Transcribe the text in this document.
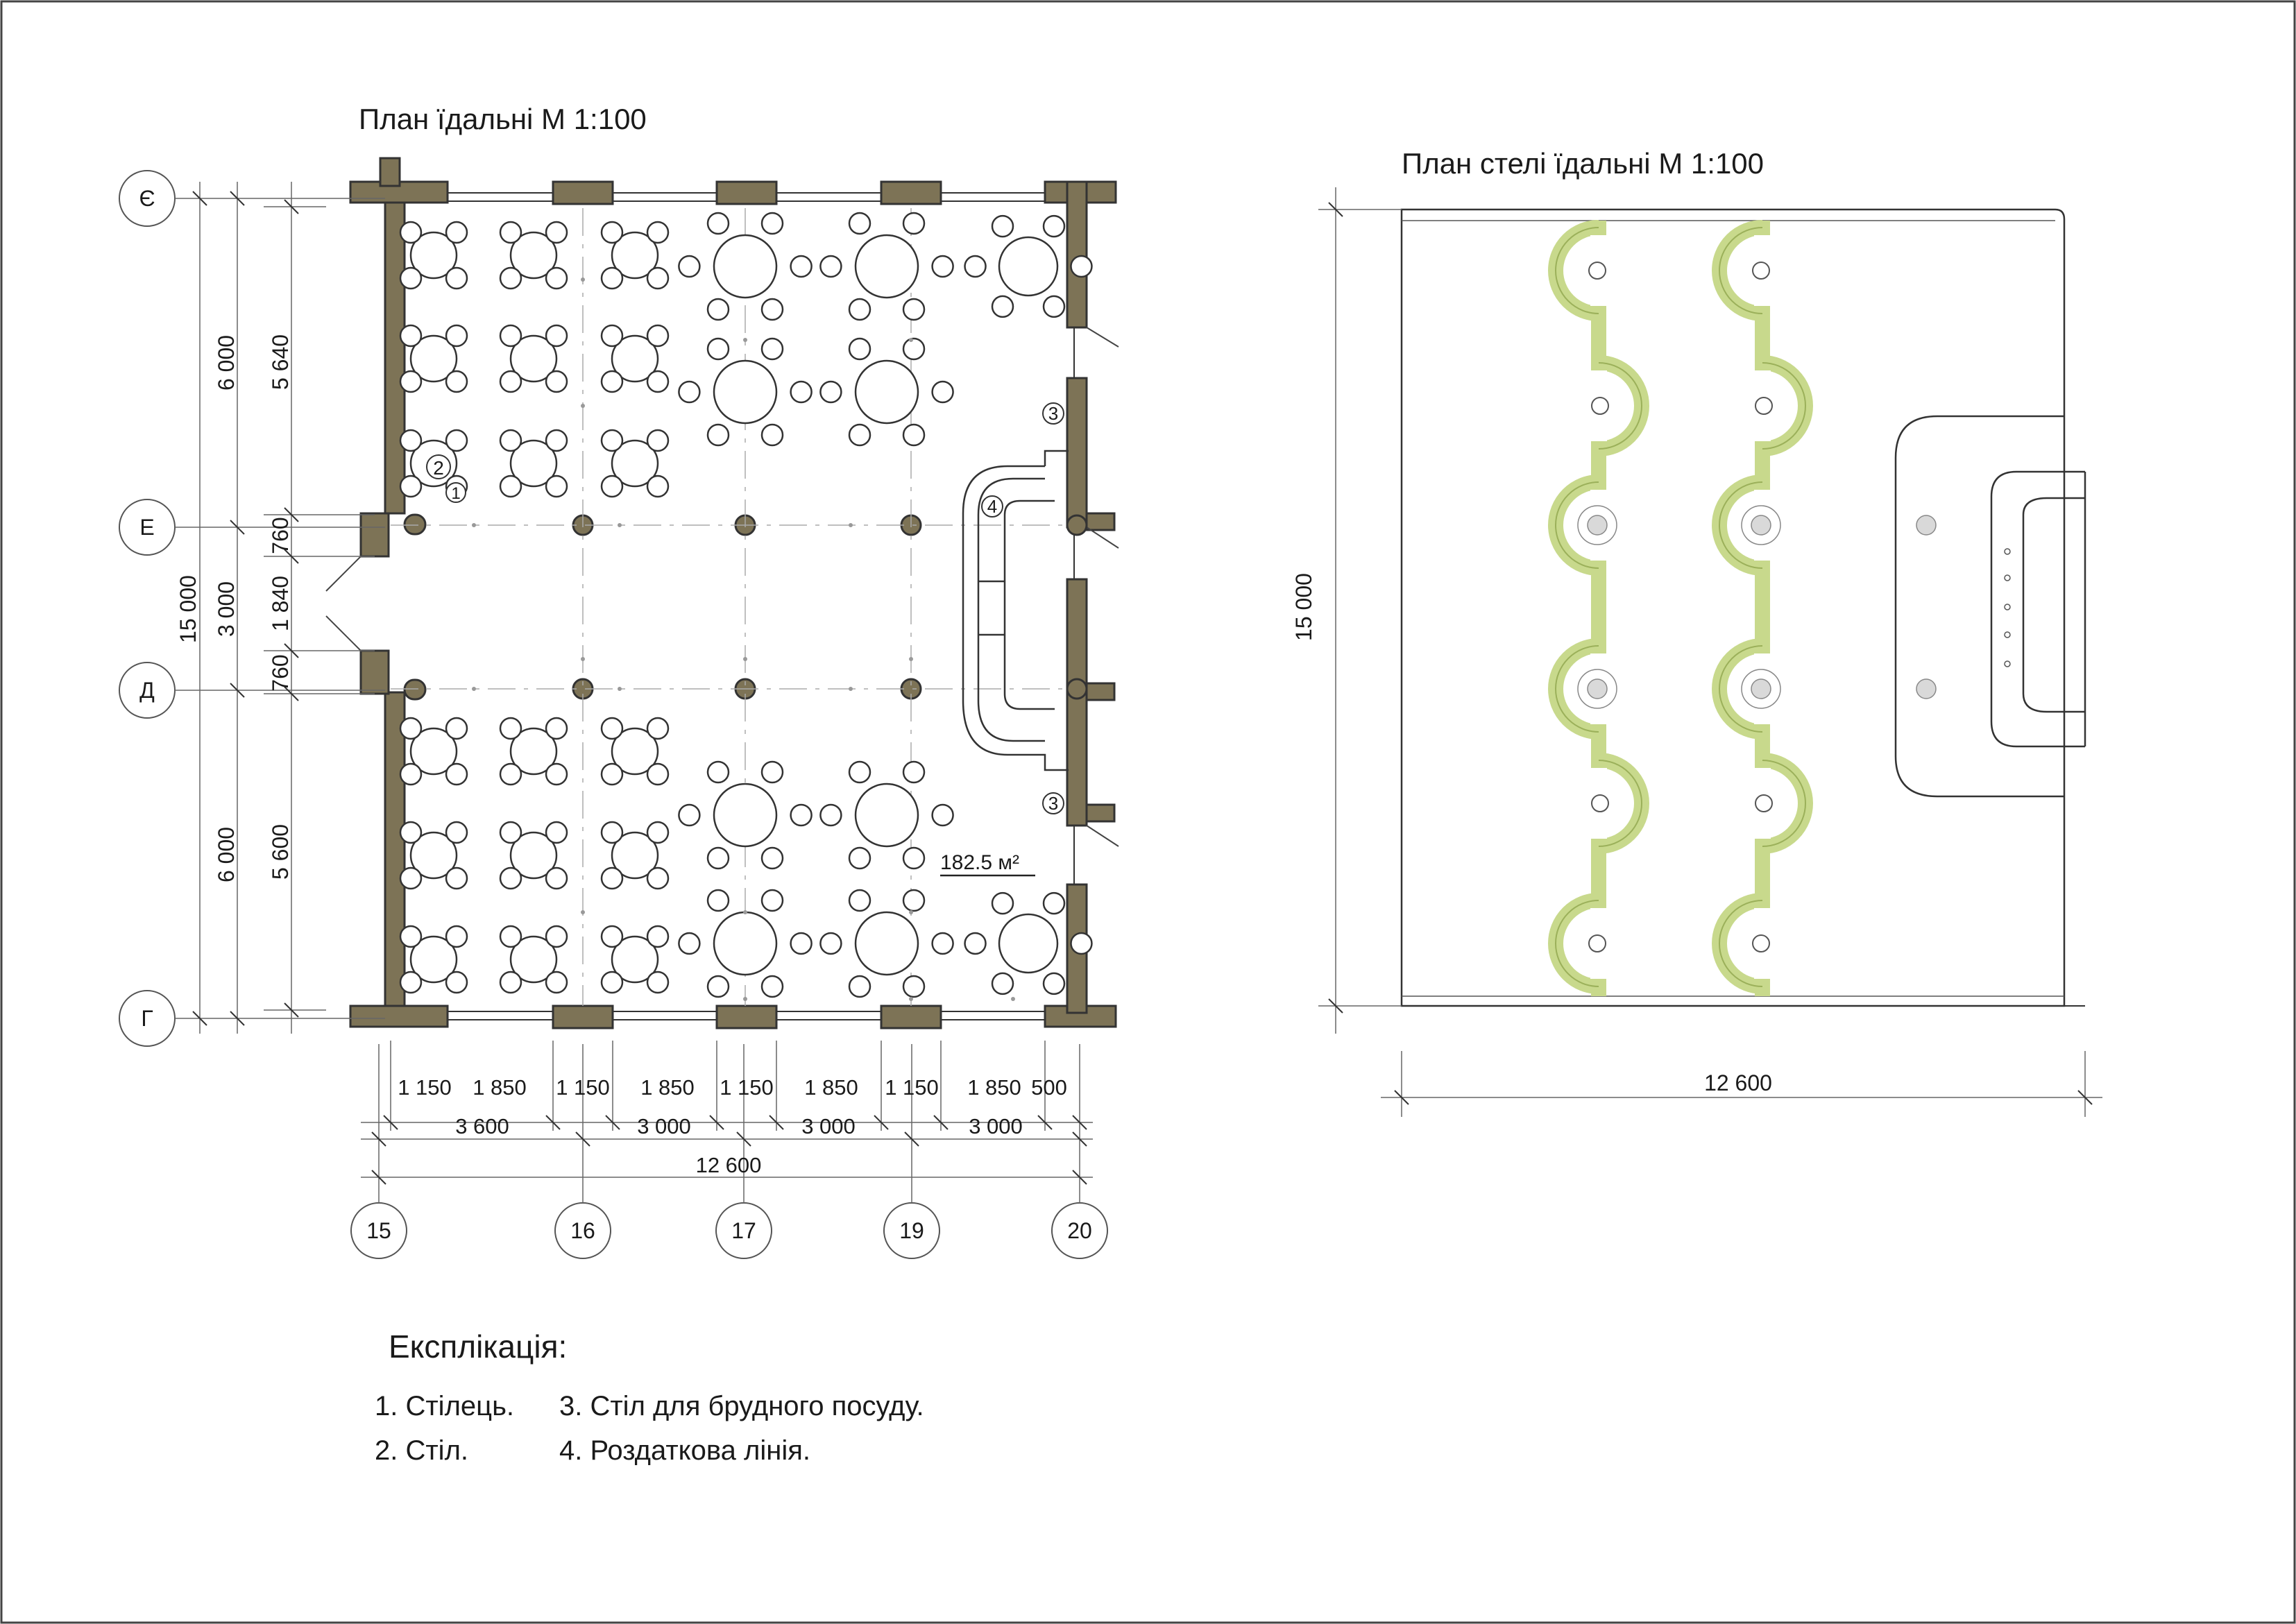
План їдальні М 1:100
План стелі їдальні М 1:100
2
1
3
4
3
182.5 м²
Є
Е
Д
Г
15	16	17	19	20
15 000
6 000
3 000
6 000
5 640
760
1 840
760
5 600
1 150 1 850 1 150 1 850 1 150 1 850 1 150 1 850 500
3 600	3 000	3 000	3 000
12 600
15 000
12 600
Експлікація:
1. Стілець.
2. Стіл.
3. Стіл для брудного посуду.
4. Роздаткова лінія.
